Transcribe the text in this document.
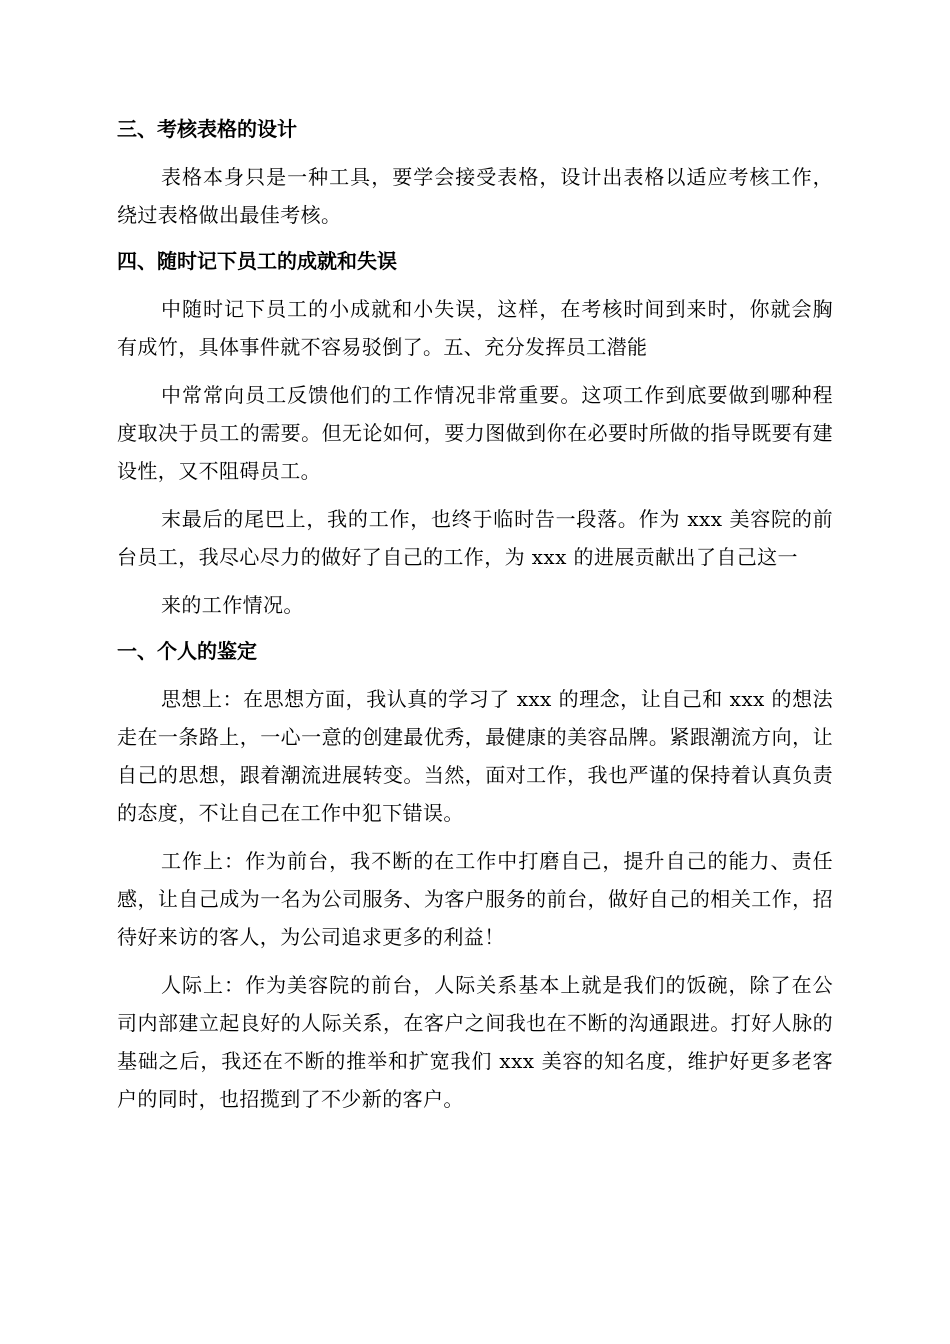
三、考核表格的设计

表格本身只是一种工具，要学会接受表格，设计出表格以适应考核工作，绕过表格做出最佳考核。

四、随时记下员工的成就和失误

中随时记下员工的小成就和小失误，这样，在考核时间到来时，你就会胸有成竹，具体事件就不容易驳倒了。五、充分发挥员工潜能

中常常向员工反馈他们的工作情况非常重要。这项工作到底要做到哪种程度取决于员工的需要。但无论如何，要力图做到你在必要时所做的指导既要有建设性，又不阻碍员工。

末最后的尾巴上，我的工作，也终于临时告一段落。作为 xxx 美容院的前台员工，我尽心尽力的做好了自己的工作，为 xxx 的进展贡献出了自己这一

来的工作情况。

一、个人的鉴定

思想上：在思想方面，我认真的学习了 xxx 的理念，让自己和 xxx 的想法走在一条路上，一心一意的创建最优秀，最健康的美容品牌。紧跟潮流方向，让自己的思想，跟着潮流进展转变。当然，面对工作，我也严谨的保持着认真负责的态度，不让自己在工作中犯下错误。

工作上：作为前台，我不断的在工作中打磨自己，提升自己的能力、责任感，让自己成为一名为公司服务、为客户服务的前台，做好自己的相关工作，招待好来访的客人，为公司追求更多的利益！

人际上：作为美容院的前台，人际关系基本上就是我们的饭碗，除了在公司内部建立起良好的人际关系，在客户之间我也在不断的沟通跟进。打好人脉的基础之后，我还在不断的推举和扩宽我们 xxx 美容的知名度，维护好更多老客户的同时，也招揽到了不少新的客户。
